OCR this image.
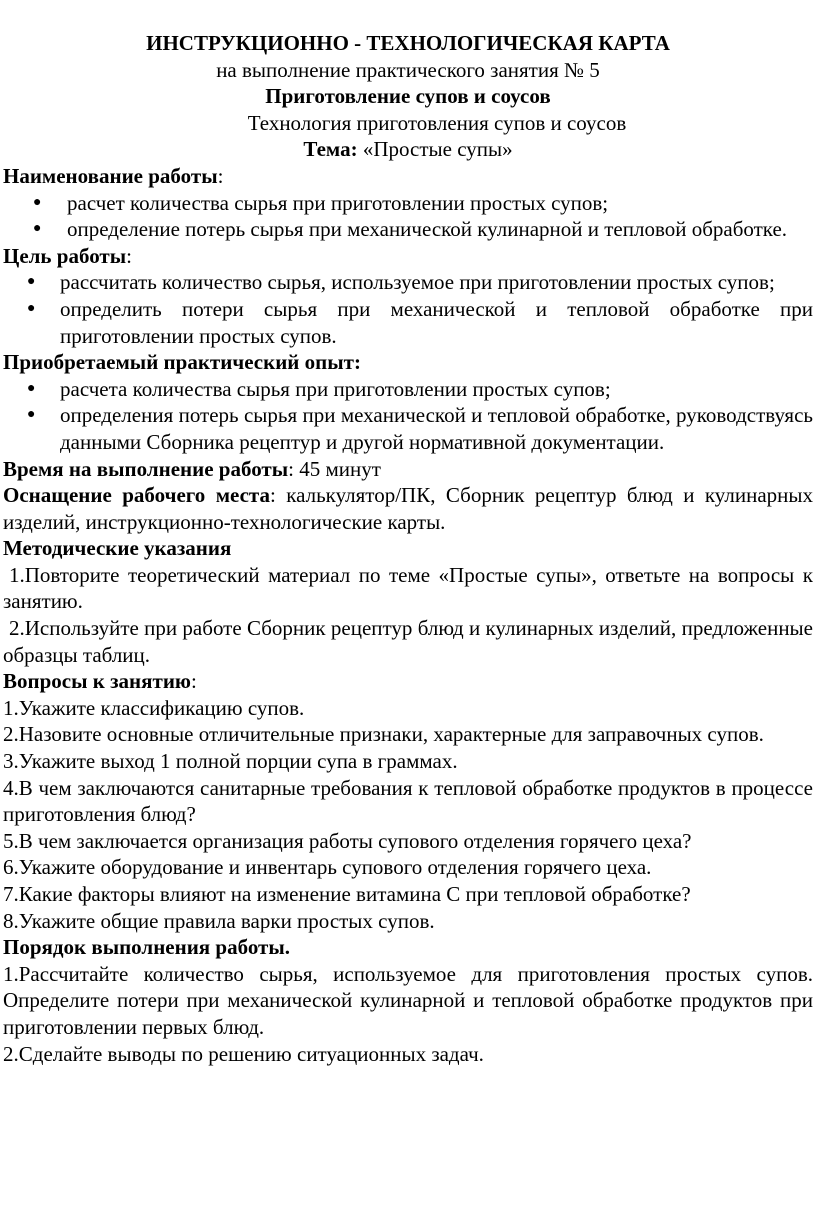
ИНСТРУКЦИОННО - ТЕХНОЛОГИЧЕСКАЯ КАРТА
на выполнение практического занятия № 5
Приготовление супов и соусов
Технология приготовления супов и соусов
Тема: «Простые супы»
Наименование работы:
● расчет количества сырья при приготовлении простых супов;
● определение потерь сырья при механической кулинарной и тепловой обработке.
Цель работы:
● рассчитать количество сырья, используемое при приготовлении простых супов;
● определить потери сырья при механической и тепловой обработке при приготовлении простых супов.
Приобретаемый практический опыт:
● расчета количества сырья при приготовлении простых супов;
● определения потерь сырья при механической и тепловой обработке, руководствуясь данными Сборника рецептур и другой нормативной документации.

Время на выполнение работы: 45 минут

Оснащение рабочего места: калькулятор/ПК, Сборник рецептур блюд и кулинарных изделий, инструкционно-технологические карты.

Методические указания

1.Повторите теоретический материал по теме «Простые супы», ответьте на вопросы к занятию.

2.Используйте при работе Сборник рецептур блюд и кулинарных изделий, предложенные образцы таблиц.

Вопросы к занятию:

1.Укажите классификацию супов.

2.Назовите основные отличительные признаки, характерные для заправочных супов.

3.Укажите выход 1 полной порции супа в граммах.

4.В чем заключаются санитарные требования к тепловой обработке продуктов в процессе приготовления блюд?

5.В чем заключается организация работы супового отделения горячего цеха?

6.Укажите оборудование и инвентарь супового отделения горячего цеха.

7.Какие факторы влияют на изменение витамина С при тепловой обработке?

8.Укажите общие правила варки простых супов.

Порядок выполнения работы.

1.Рассчитайте количество сырья, используемое для приготовления простых супов. Определите потери при механической кулинарной и тепловой обработке продуктов при приготовлении первых блюд.

2.Сделайте выводы по решению ситуационных задач.
